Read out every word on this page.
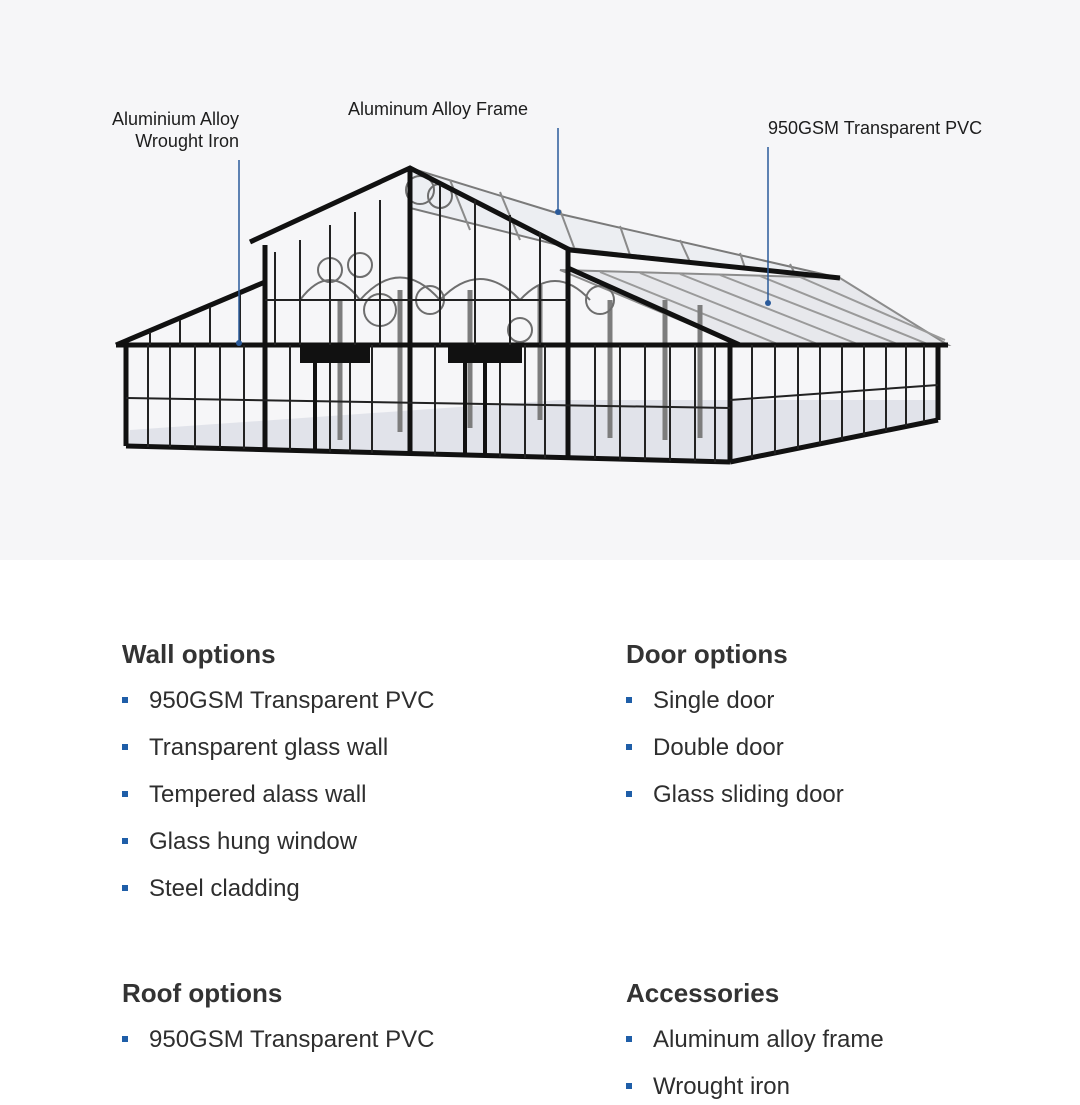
Aluminium Alloy
Wrought Iron
Aluminum Alloy Frame
950GSM Transparent PVC
Wall options
950GSM Transparent PVC
Transparent glass wall
Tempered alass wall
Glass hung window
Steel cladding
Door options
Single door
Double door
Glass sliding door
Roof options
950GSM Transparent PVC
Accessories
Aluminum alloy frame
Wrought iron
